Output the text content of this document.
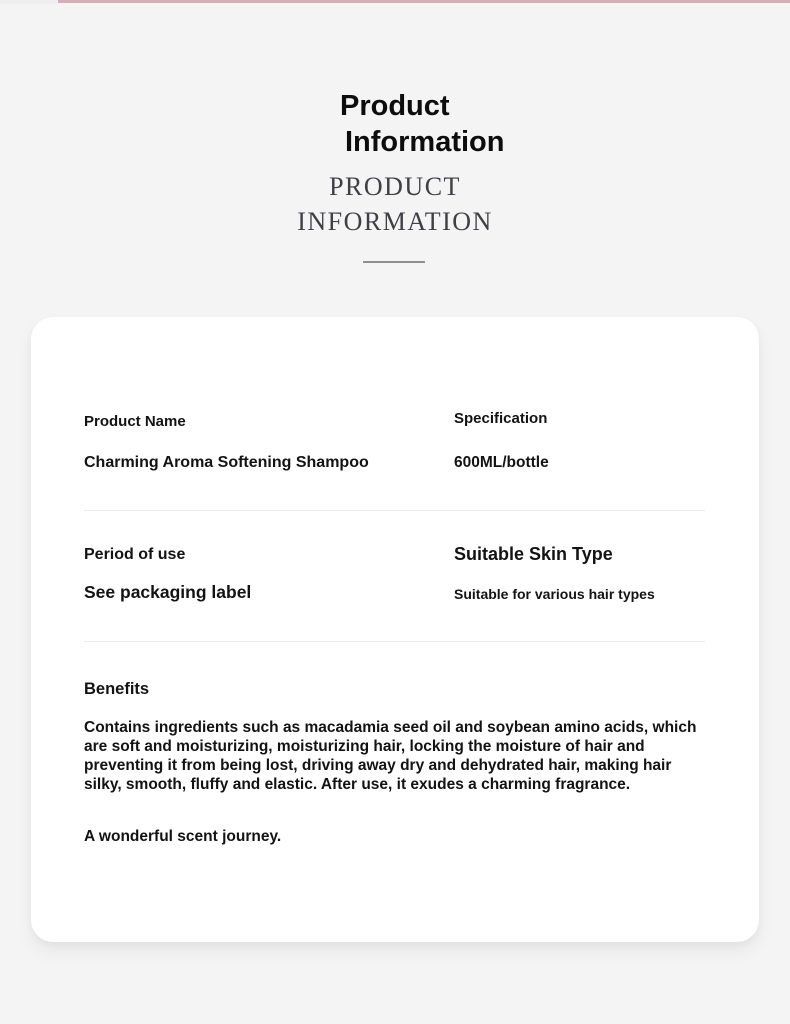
Product
Information
PRODUCT
INFORMATION
Product Name
Charming Aroma Softening Shampoo
Specification
600ML/bottle
Period of use
See packaging label
Suitable Skin Type
Suitable for various hair types
Benefits
Contains ingredients such as macadamia seed oil and soybean amino acids, which are soft and moisturizing, moisturizing hair, locking the moisture of hair and preventing it from being lost, driving away dry and dehydrated hair, making hair silky, smooth, fluffy and elastic. After use, it exudes a charming fragrance.
A wonderful scent journey.
